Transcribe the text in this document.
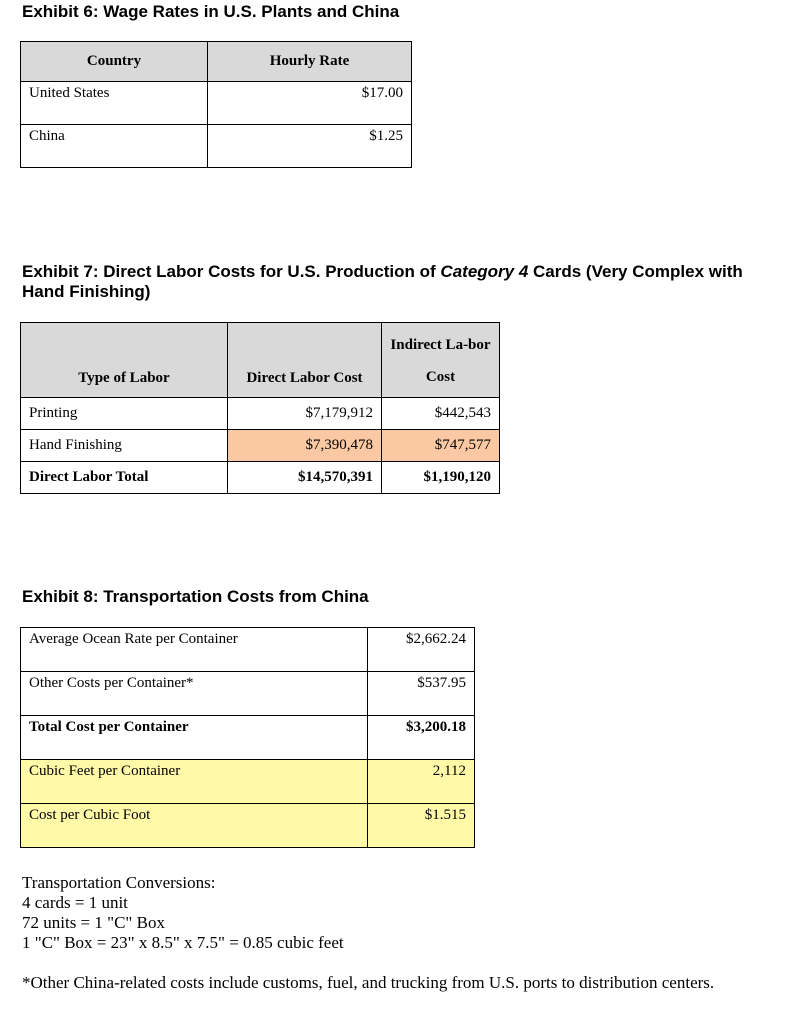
Exhibit 6: Wage Rates in U.S. Plants and China
Country	Hourly Rate
United States	$17.00
China	$1.25
Exhibit 7: Direct Labor Costs for U.S. Production of Category 4 Cards (Very Complex with Hand Finishing)
Type of Labor	Direct Labor Cost	Indirect La-bor Cost
Printing	$7,179,912	$442,543
Hand Finishing	$7,390,478	$747,577
Direct Labor Total	$14,570,391	$1,190,120
Exhibit 8: Transportation Costs from China
Average Ocean Rate per Container	$2,662.24
Other Costs per Container*	$537.95
Total Cost per Container	$3,200.18
Cubic Feet per Container	2,112
Cost per Cubic Foot	$1.515
Transportation Conversions:
4 cards = 1 unit
72 units = 1 "C" Box
1 "C" Box = 23" x 8.5" x 7.5" = 0.85 cubic feet
*Other China-related costs include customs, fuel, and trucking from U.S. ports to distribution centers.
